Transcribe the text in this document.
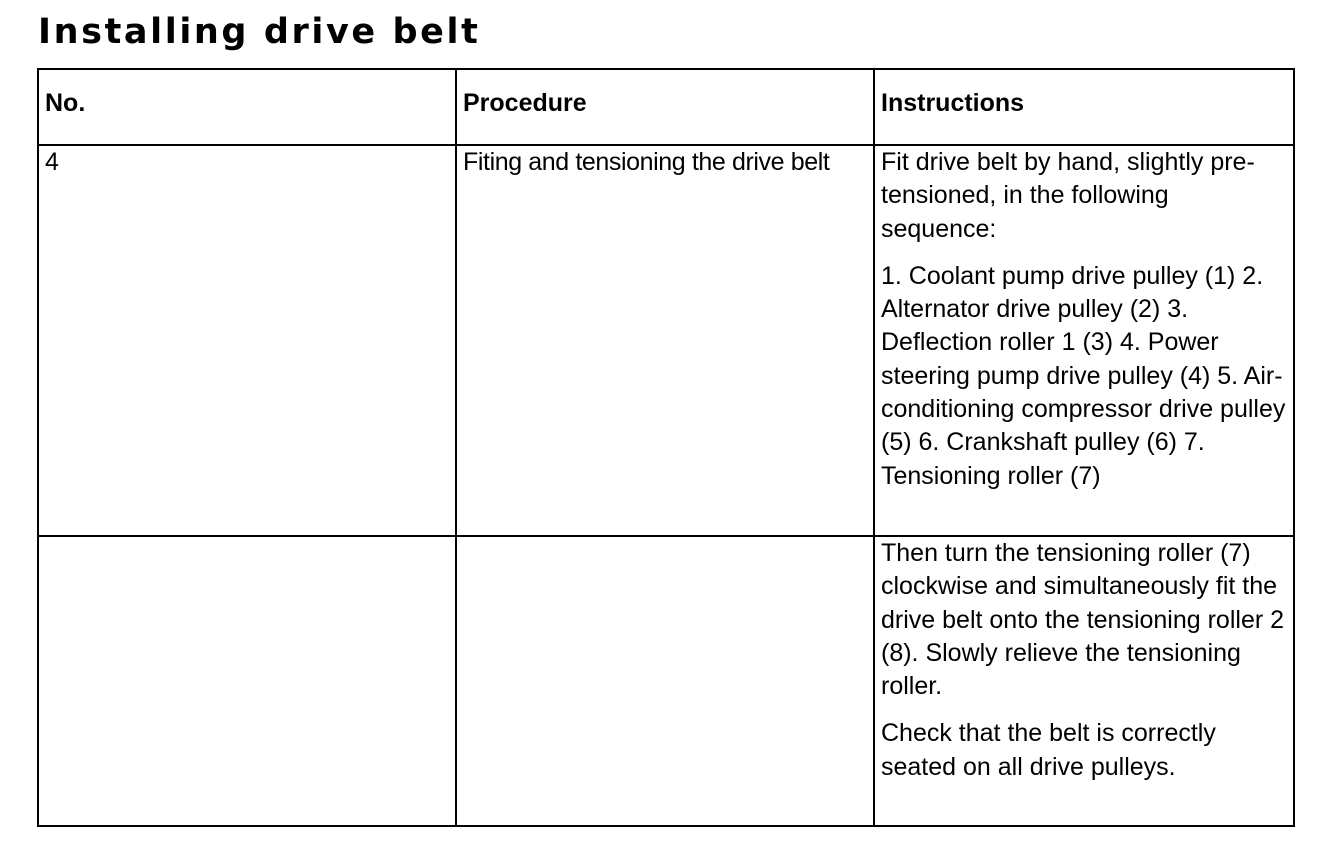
Installing drive belt
No.	Procedure	Instructions
4	Fiting and tensioning the drive belt	Fit drive belt by hand, slightly pre-tensioned, in the following sequence:

1. Coolant pump drive pulley (1) 2. Alternator drive pulley (2) 3. Deflection roller 1 (3) 4. Power steering pump drive pulley (4) 5. Air-conditioning compressor drive pulley (5) 6. Crankshaft pulley (6) 7. Tensioning roller (7)

		Then turn the tensioning roller (7) clockwise and simultaneously fit the drive belt onto the tensioning roller 2 (8). Slowly relieve the tensioning roller.

Check that the belt is correctly seated on all drive pulleys.
